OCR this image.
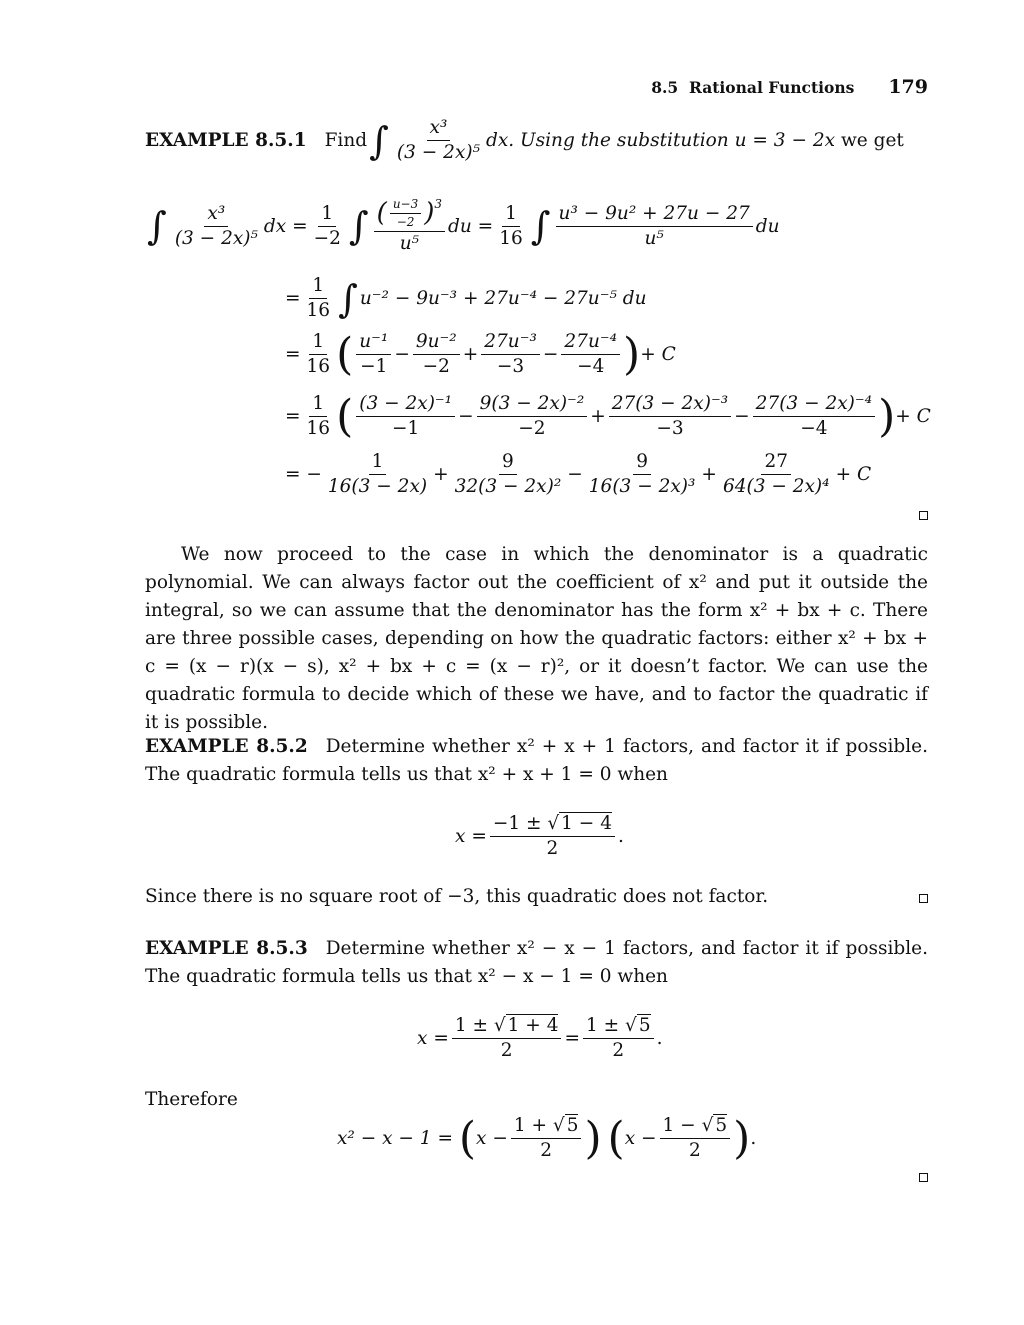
8.5 Rational Functions 179
EXAMPLE 8.5.1 Find ∫ $\frac{\text{x³}}{\text{(3 − 2x)⁵}}$ dx. Using the substitution
u = 3 − 2x
we get
∫ $\frac{\text{x³}}{\text{(3 − 2x)⁵}}$ dx = $\frac{1}{-2}$ ∫ $\frac{( \frac{u-3}{-2} )^3}{\text{u⁵}}$ du = $\frac{1}{16}$ ∫ $\frac{\text{u³ − 9u² + 27u − 27}}{\text{u⁵}}$ du
= $\frac{1}{16}$ ∫ u⁻² − 9u⁻³ + 27u⁻⁴ − 27u⁻⁵ du
= $\frac{1}{16}$ ( $\frac{\text{u⁻¹}}{-1} - \frac{\text{9u⁻²}}{-2} + \frac{\text{27u⁻³}}{-3} - \frac{\text{27u⁻⁴}}{-4}$ ) + C
= $\frac{1}{16}$ ( $\frac{\text{(3 − 2x)⁻¹}}{-1} - \frac{\text{9(3 − 2x)⁻²}}{-2} + \frac{\text{27(3 − 2x)⁻³}}{-3} - \frac{\text{27(3 − 2x)⁻⁴}}{-4}$ ) + C
= − $\frac{1}{16(3 - 2x)} + \frac{9}{\text{32(3 − 2x)²}} - \frac{9}{\text{16(3 − 2x)³}} + \frac{27}{\text{64(3 − 2x)⁴}} + C$

We now proceed to the case in which the denominator is a quadratic polynomial. We can always factor out the coefficient of x² and put it outside the integral, so we can assume that the denominator has the form x² + bx + c. There are three possible cases, depending on how the quadratic factors: either x² + bx + c = (x − r)(x − s), x² + bx + c = (x − r)², or it doesn’t factor. We can use the quadratic formula to decide which of these we have, and to factor the quadratic if it is possible.

EXAMPLE 8.5.2 Determine whether x² + x + 1 factors, and factor it if possible. The quadratic formula tells us that x² + x + 1 = 0 when

$x = \frac{-1 \pm √ 1 - 4}{2}$ .

Since there is no square root of −3, this quadratic does not factor.

EXAMPLE 8.5.3 Determine whether x² − x − 1 factors, and factor it if possible. The quadratic formula tells us that x² − x − 1 = 0 when

$x = \frac{1 \pm √ 1 + 4}{2} = \frac{1 \pm √ 5}{2}$ .

Therefore

x² − x − 1 =
( $x - \frac{1 + √ 5}{2}$ )
( $x - \frac{1 - √ 5}{2}$ ) .
